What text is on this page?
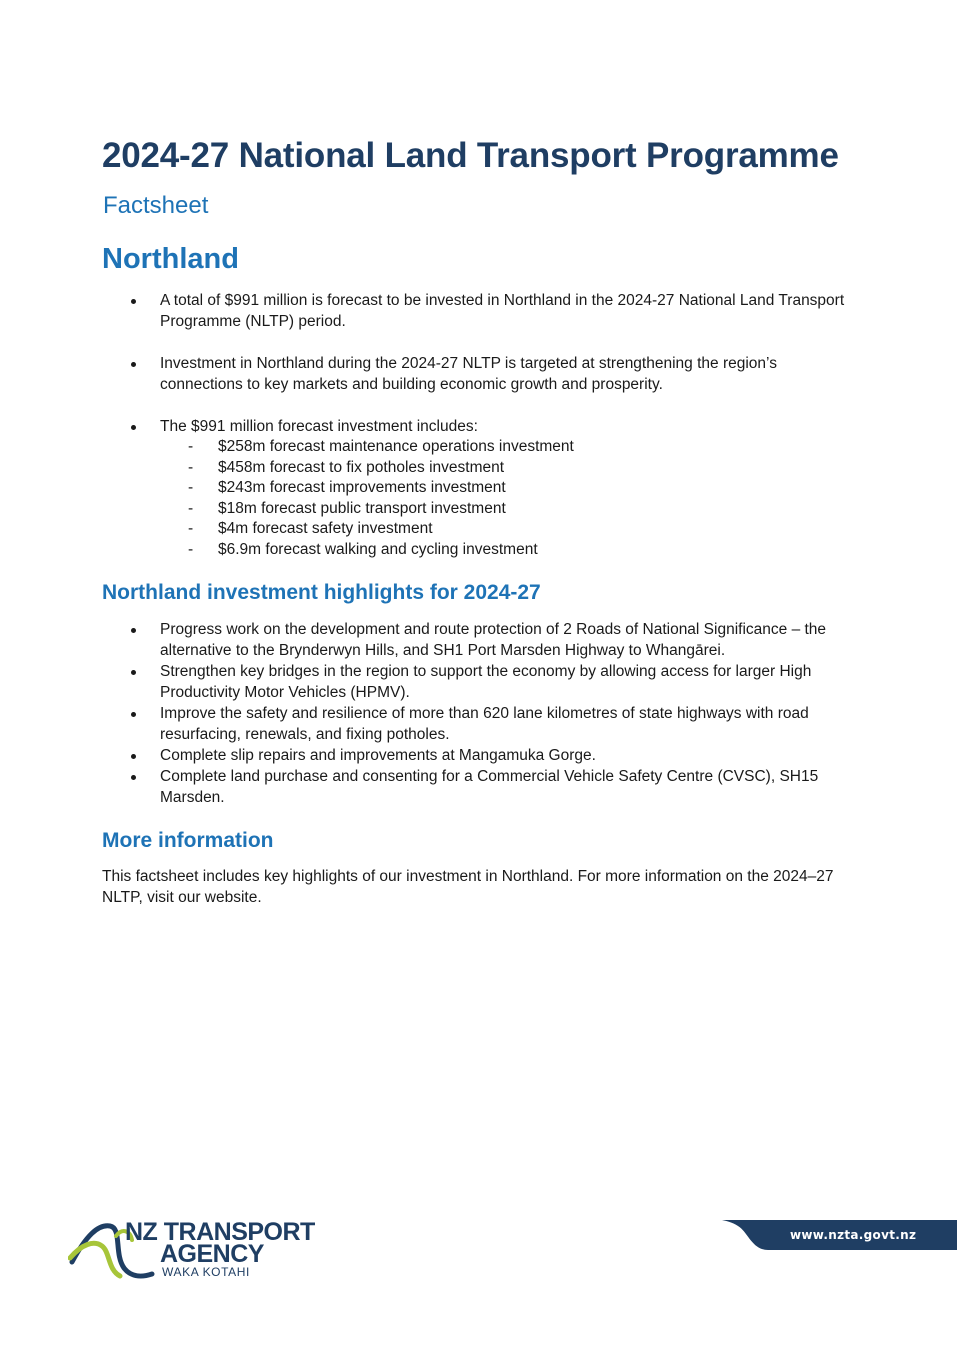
2024-27 National Land Transport Programme
Factsheet
Northland
A total of $991 million is forecast to be invested in Northland in the 2024-27 National Land Transport Programme (NLTP) period.
Investment in Northland during the 2024-27 NLTP is targeted at strengthening the region’s connections to key markets and building economic growth and prosperity.
The $991 million forecast investment includes:
- $258m forecast maintenance operations investment
- $458m forecast to fix potholes investment
- $243m forecast improvements investment
- $18m forecast public transport investment
- $4m forecast safety investment
- $6.9m forecast walking and cycling investment
Northland investment highlights for 2024-27
Progress work on the development and route protection of 2 Roads of National Significance – the alternative to the Brynderwyn Hills, and SH1 Port Marsden Highway to Whangārei.
Strengthen key bridges in the region to support the economy by allowing access for larger High Productivity Motor Vehicles (HPMV).
Improve the safety and resilience of more than 620 lane kilometres of state highways with road resurfacing, renewals, and fixing potholes.
Complete slip repairs and improvements at Mangamuka Gorge.
Complete land purchase and consenting for a Commercial Vehicle Safety Centre (CVSC), SH15 Marsden.
More information

This factsheet includes key highlights of our investment in Northland. For more information on the 2024–27 NLTP, visit our website.

NZ TRANSPORT
AGENCY
WAKA KOTAHI
www.nzta.govt.nz
